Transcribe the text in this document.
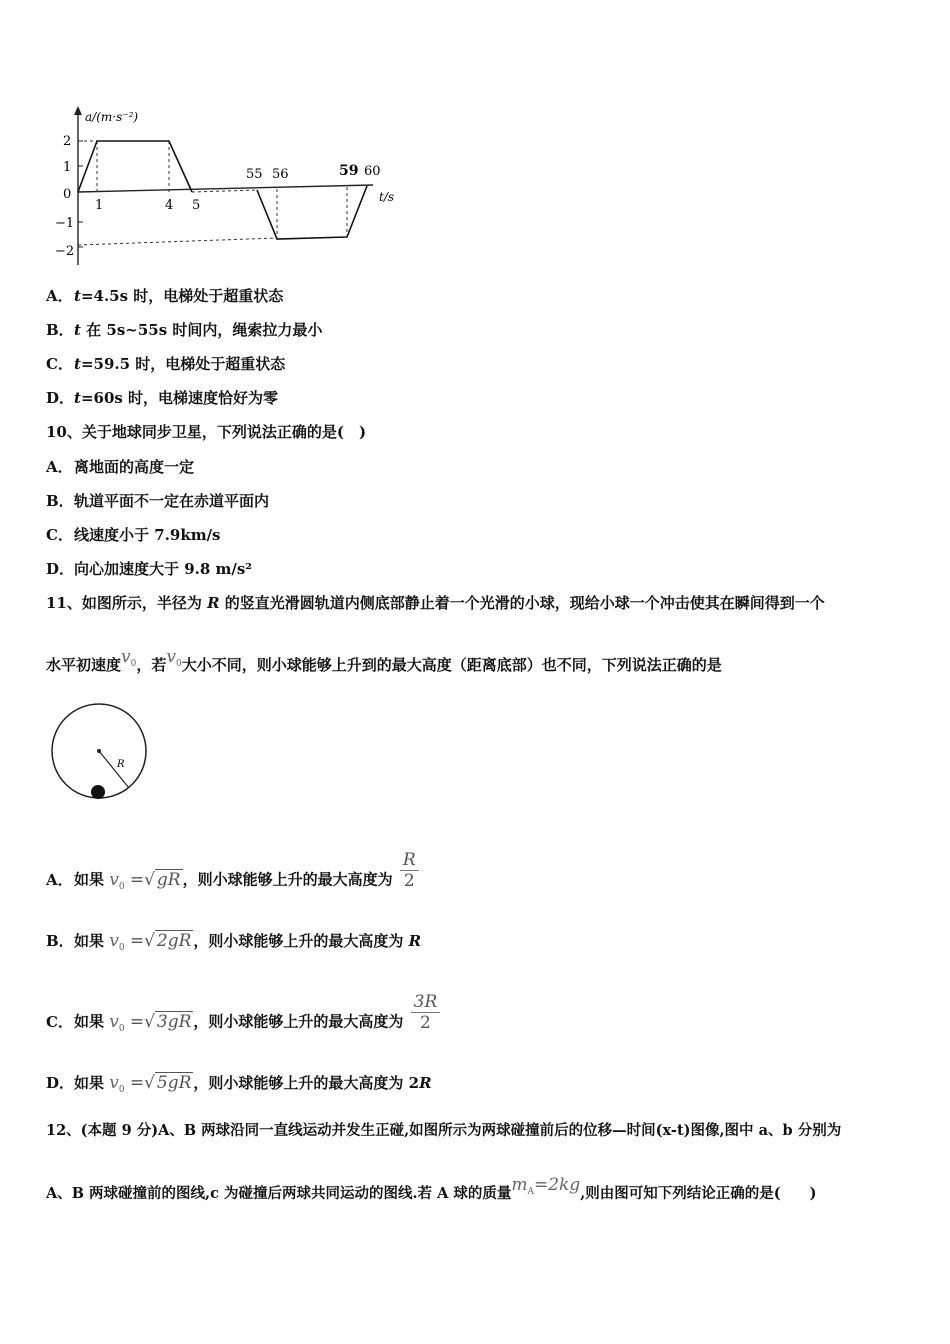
a/(m·s⁻²)
2
1
0
−1
−2
1	4 5
55 56	59 60
t/s
A．t=4.5s 时，电梯处于超重状态
B．t 在 5s~55s 时间内，绳索拉力最小
C．t=59.5 时，电梯处于超重状态
D．t=60s 时，电梯速度恰好为零
10、关于地球同步卫星，下列说法正确的是(　)
A．离地面的高度一定
B．轨道平面不一定在赤道平面内
C．线速度小于 7.9km/s
D．向心加速度大于 9.8 m/s²
11、如图所示，半径为 R 的竖直光滑圆轨道内侧底部静止着一个光滑的小球，现给小球一个冲击使其在瞬间得到一个
水平初速度$v_0$，若$v_0$大小不同，则小球能够上升到的最大高度（距离底部）也不同，下列说法正确的是
R
A．如果 $v_0$ =√ gR ，则小球能够上升的最大高度为 $\frac{R}{2}$
B．如果 $v_0$ =√ 2gR ，则小球能够上升的最大高度为 R
C．如果 $v_0$ =√ 3gR ，则小球能够上升的最大高度为 $\frac{3R}{2}$
D．如果 $v_0$ =√ 5gR ，则小球能够上升的最大高度为 2R
12、(本题 9 分)A、B 两球沿同一直线运动并发生正碰,如图所示为两球碰撞前后的位移—时间(x-t)图像,图中 a、b 分别为
A、B 两球碰撞前的图线,c 为碰撞后两球共同运动的图线.若 A 球的质量$m_A=2kg$,则由图可知下列结论正确的是(　　)
